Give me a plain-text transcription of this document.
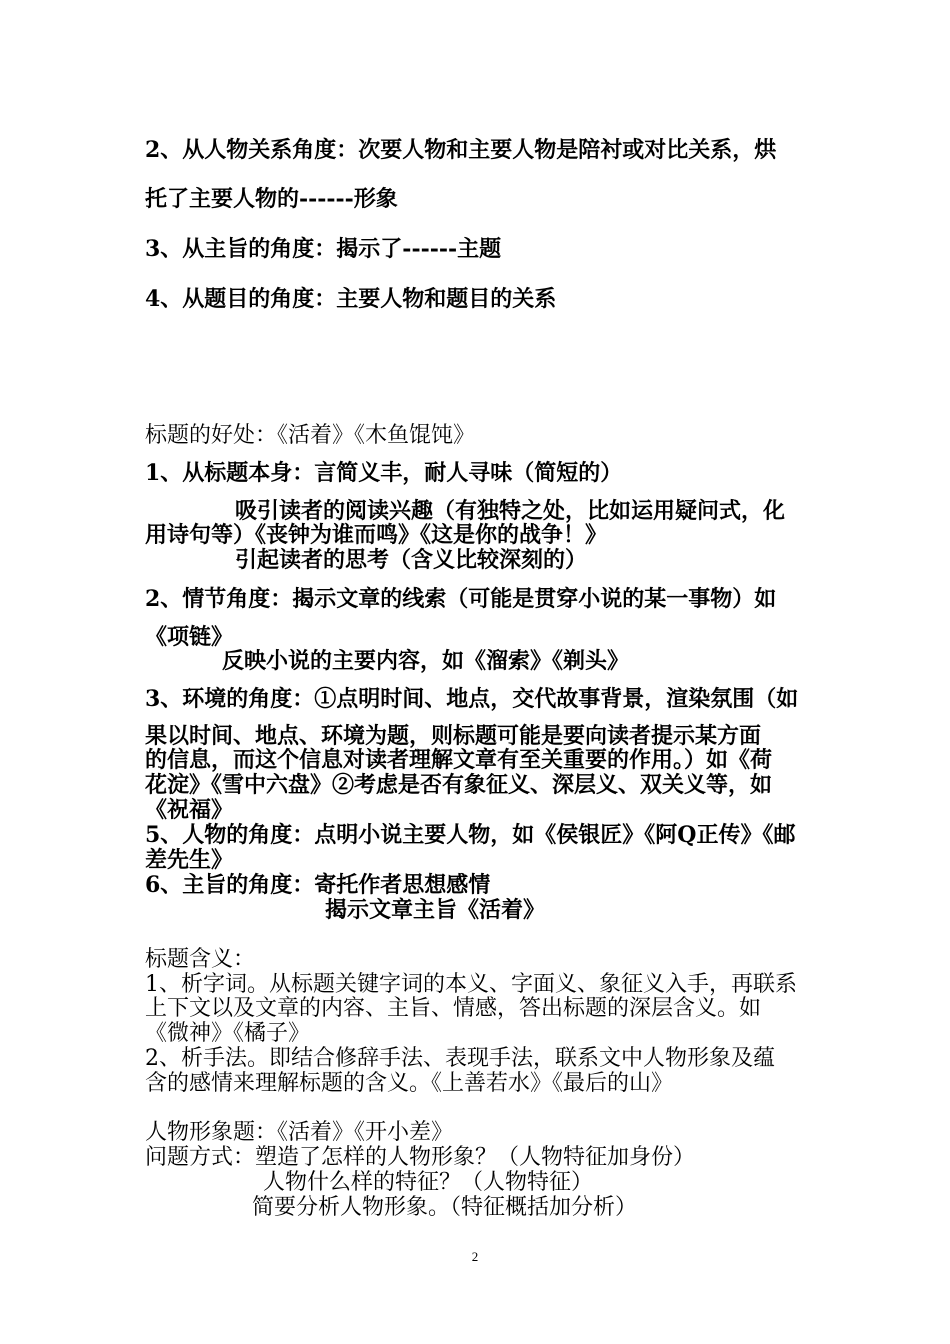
2、从人物关系角度：次要人物和主要人物是陪衬或对比关系，烘

托了主要人物的------形象

3、从主旨的角度：揭示了------主题

4、从题目的角度：主要人物和题目的关系

标题的好处：《活着》《木鱼馄饨》

1、从标题本身：言简义丰，耐人寻味（简短的）

吸引读者的阅读兴趣（有独特之处，比如运用疑问式，化

用诗句等）《丧钟为谁而鸣》《这是你的战争！》

引起读者的思考（含义比较深刻的）

2、情节角度：揭示文章的线索（可能是贯穿小说的某一事物）如

《项链》

反映小说的主要内容，如《溜索》《剃头》

3、环境的角度：①点明时间、地点，交代故事背景，渲染氛围（如

果以时间、地点、环境为题，则标题可能是要向读者提示某方面

的信息，而这个信息对读者理解文章有至关重要的作用。）如《荷

花淀》《雪中六盘》②考虑是否有象征义、深层义、双关义等，如

《祝福》

5、人物的角度：点明小说主要人物，如《侯银匠》《阿Q正传》《邮

差先生》

6、主旨的角度：寄托作者思想感情

揭示文章主旨《活着》

标题含义：

1、析字词。从标题关键字词的本义、字面义、象征义入手，再联系

上下文以及文章的内容、主旨、情感，答出标题的深层含义。如

《微神》《橘子》

2、析手法。即结合修辞手法、表现手法，联系文中人物形象及蕴

含的感情来理解标题的含义。《上善若水》《最后的山》

人物形象题：《活着》《开小差》

问题方式：塑造了怎样的人物形象？（人物特征加身份）

人物什么样的特征？（人物特征）

简要分析人物形象。（特征概括加分析）

2
